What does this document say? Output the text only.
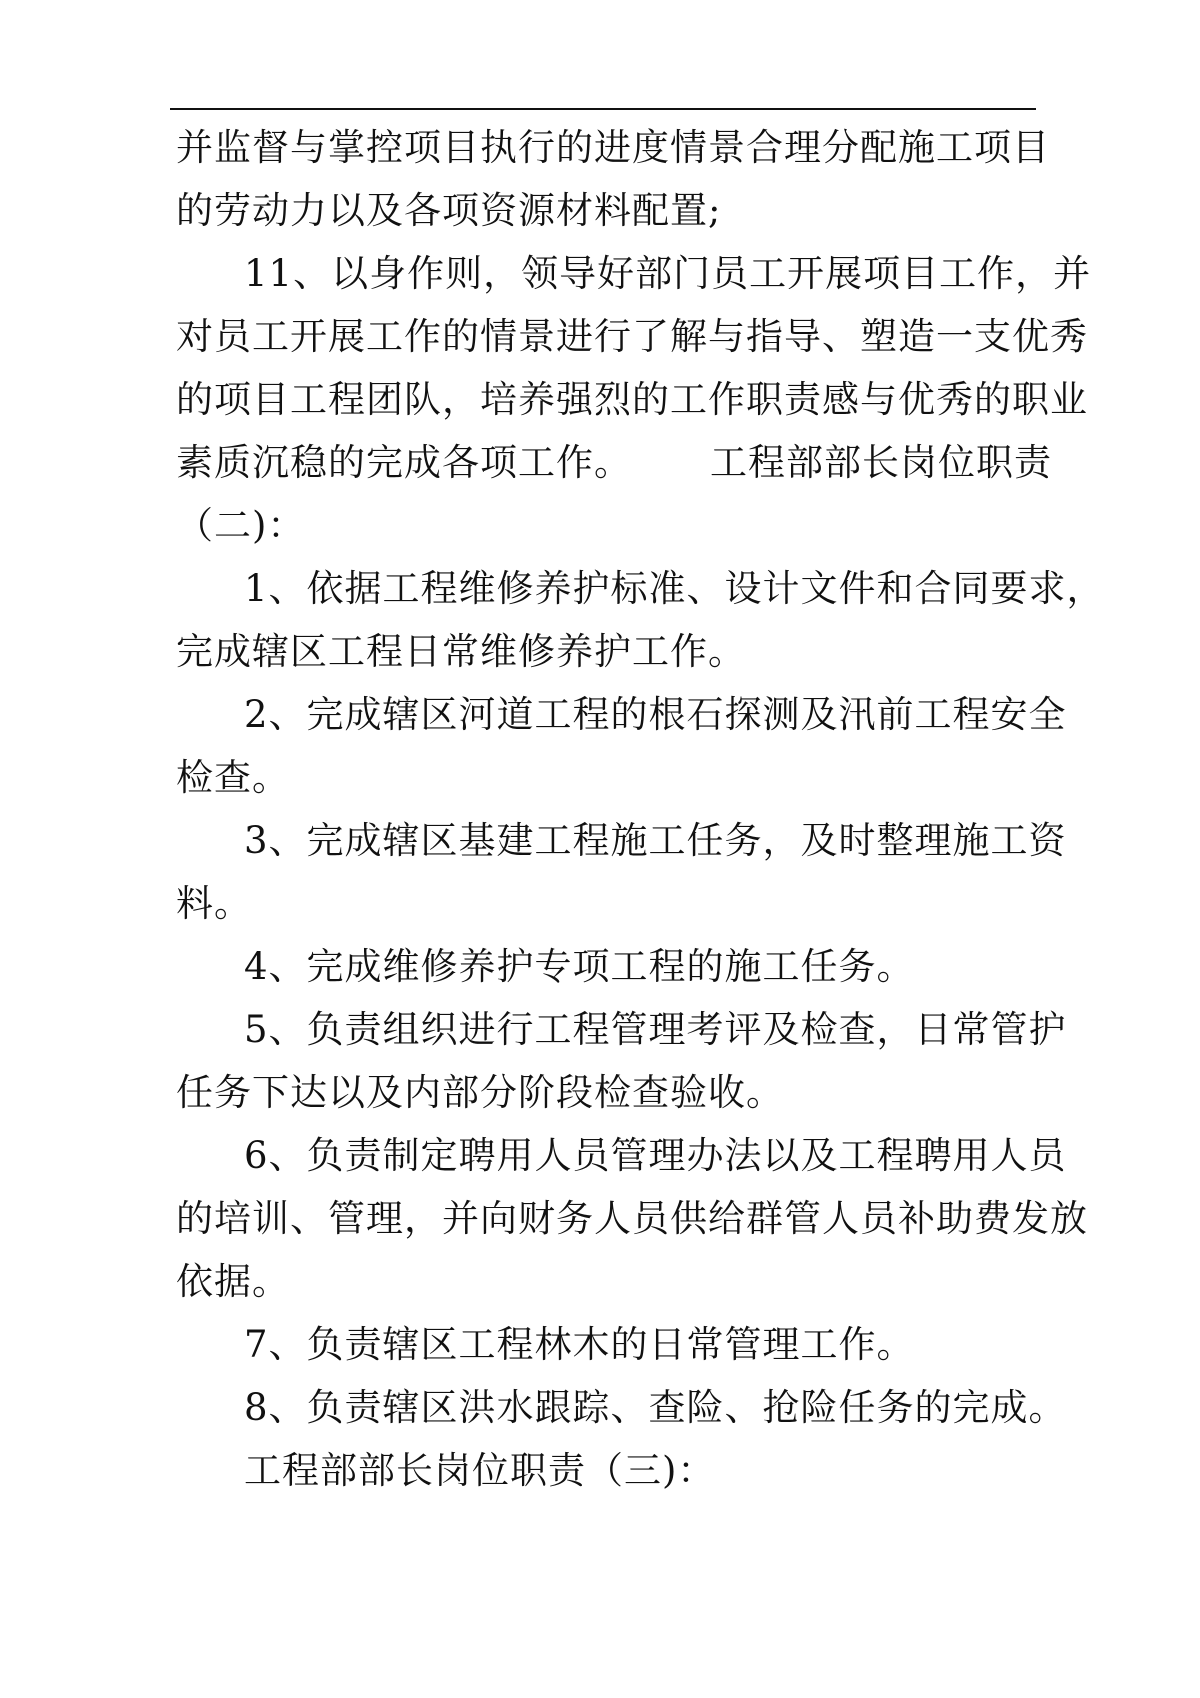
并监督与掌控项目执行的进度情景合理分配施工项目
的劳动力以及各项资源材料配置;
11、以身作则，领导好部门员工开展项目工作，并
对员工开展工作的情景进行了解与指导、塑造一支优秀
的项目工程团队，培养强烈的工作职责感与优秀的职业
素质沉稳的完成各项工作。 工程部部长岗位职责
（二)：
1、依据工程维修养护标准、设计文件和合同要求，
完成辖区工程日常维修养护工作。
2、完成辖区河道工程的根石探测及汛前工程安全
检查。
3、完成辖区基建工程施工任务，及时整理施工资
料。
4、完成维修养护专项工程的施工任务。
5、负责组织进行工程管理考评及检查，日常管护
任务下达以及内部分阶段检查验收。
6、负责制定聘用人员管理办法以及工程聘用人员
的培训、管理，并向财务人员供给群管人员补助费发放
依据。
7、负责辖区工程林木的日常管理工作。
8、负责辖区洪水跟踪、查险、抢险任务的完成。
工程部部长岗位职责（三)：
